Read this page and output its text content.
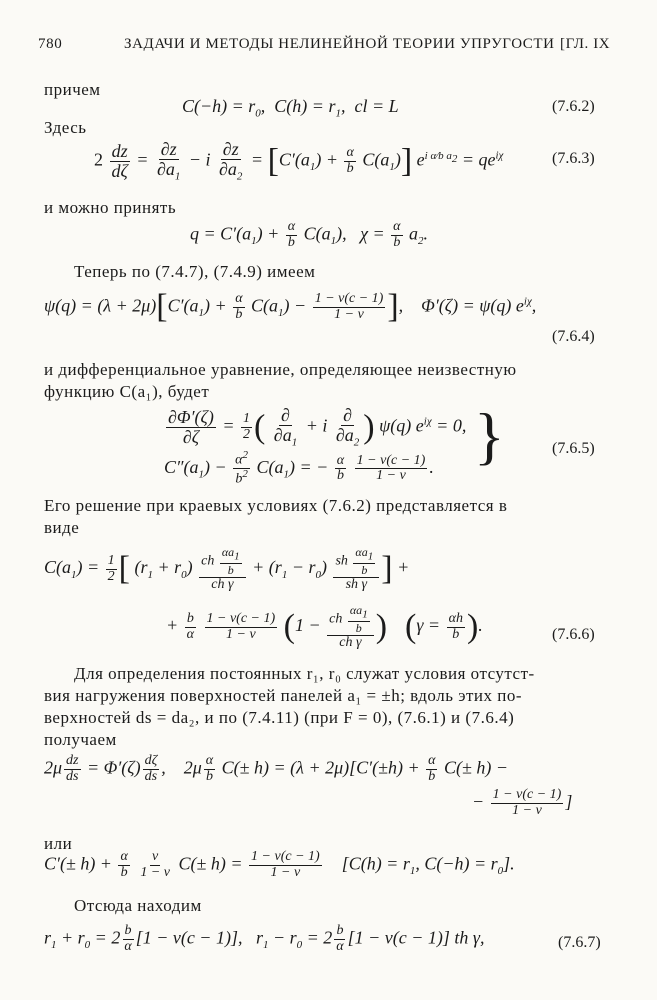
780	ЗАДАЧИ И МЕТОДЫ НЕЛИНЕЙНОЙ ТЕОРИИ УПРУГОСТИ [ГЛ. IX
причем
$C(-h) = r_0$,  $C(h) = r_1$,  cl = L	(7.6.2)
Здесь
$2 \frac{dz}{d\zeta} = \frac{\partial z}{\partial a_1} - i \frac{\partial z}{\partial a_2} = [C'(a_1) + \frac{\alpha}{b} C(a_1)] e^{i \alpha⁄b a_2} = qe^{i\chi}$	(7.6.3)
и можно принять
$q = C'(a_1) + \frac{\alpha}{b} C(a_1)$,   $\chi = \frac{\alpha}{b} a_2$.
Теперь по (7.4.7), (7.4.9) имеем
$\psi(q) = (\lambda + 2\mu)[C'(a_1) + \frac{\alpha}{b} C(a_1) - \frac{1 - \nu(c - 1)}{1 - \nu}$ ],    Φ′(ζ) = ψ(q) $e^{i\chi}$,
(7.6.4)
и дифференциальное уравнение, определяющее неизвестную
функцию C(a₁), будет
$\frac{\partial\Phi'(\zeta)}{\partial\zeta} = \frac{1}{2}$ ( $\frac{\partial}{\partial a_1} + i \frac{\partial}{\partial a_2}$ ) ψ(q) $e^{i\chi} = 0$,
$C''(a_1) - \frac{\alpha^2}{b^2} C(a_1)$ = − $\frac{\alpha}{b}$
$\frac{1 - \nu(c - 1)}{1 - \nu}$ . }	(7.6.5)
Его решение при краевых условиях (7.6.2) представляется в
виде
$C(a_1) = \frac{1}{2}$ [ $(r_1 + r_0) \frac{ch \frac{\alpha a_1}{b}}{\text{ch γ}} + (r_1 - r_0) \frac{sh \frac{\alpha a_1}{b}}{\text{sh γ}}$ ] +
+ $\frac{b}{\alpha}$
$\frac{1 - \nu(c - 1)}{1 - \nu} (1 - \frac{ch \frac{\alpha a_1}{b}}{\text{ch γ}}$ ) ($\gamma = \frac{\alpha h}{b}$ ).	(7.6.6)
Для определения постоянных r₁, r₀ служат условия отсутст-
вия нагружения поверхностей панелей a₁ = ±h; вдоль этих по-
верхностей ds = da₂, и по (7.4.11) (при F = 0), (7.6.1) и (7.6.4)
получаем
$2\mu \frac{dz}{ds} = \Phi'(\zeta) \frac{d\zeta}{ds}$ ,    $2\mu \frac{\alpha}{b} C(\pm h) = (\lambda + 2\mu)[C'(\pm h) + \frac{\alpha}{b} C(\pm h)$ −
− $\frac{1 - \nu(c - 1)}{1 - \nu}$ ]
или
$C'(\pm h) + \frac{\alpha}{b}$
$\frac{\nu}{1 - \nu} C(\pm h) = \frac{1 - \nu(c - 1)}{1 - \nu} [C(h) = r_1$, $C(-h) = r_0$].
Отсюда находим
$r_1 + r_0 = 2 \frac{b}{\alpha} [1 - \nu(c - 1)]$,   $r_1 - r_0 = 2 \frac{b}{\alpha} [1 - \nu(c - 1)]$ th γ,	(7.6.7)
